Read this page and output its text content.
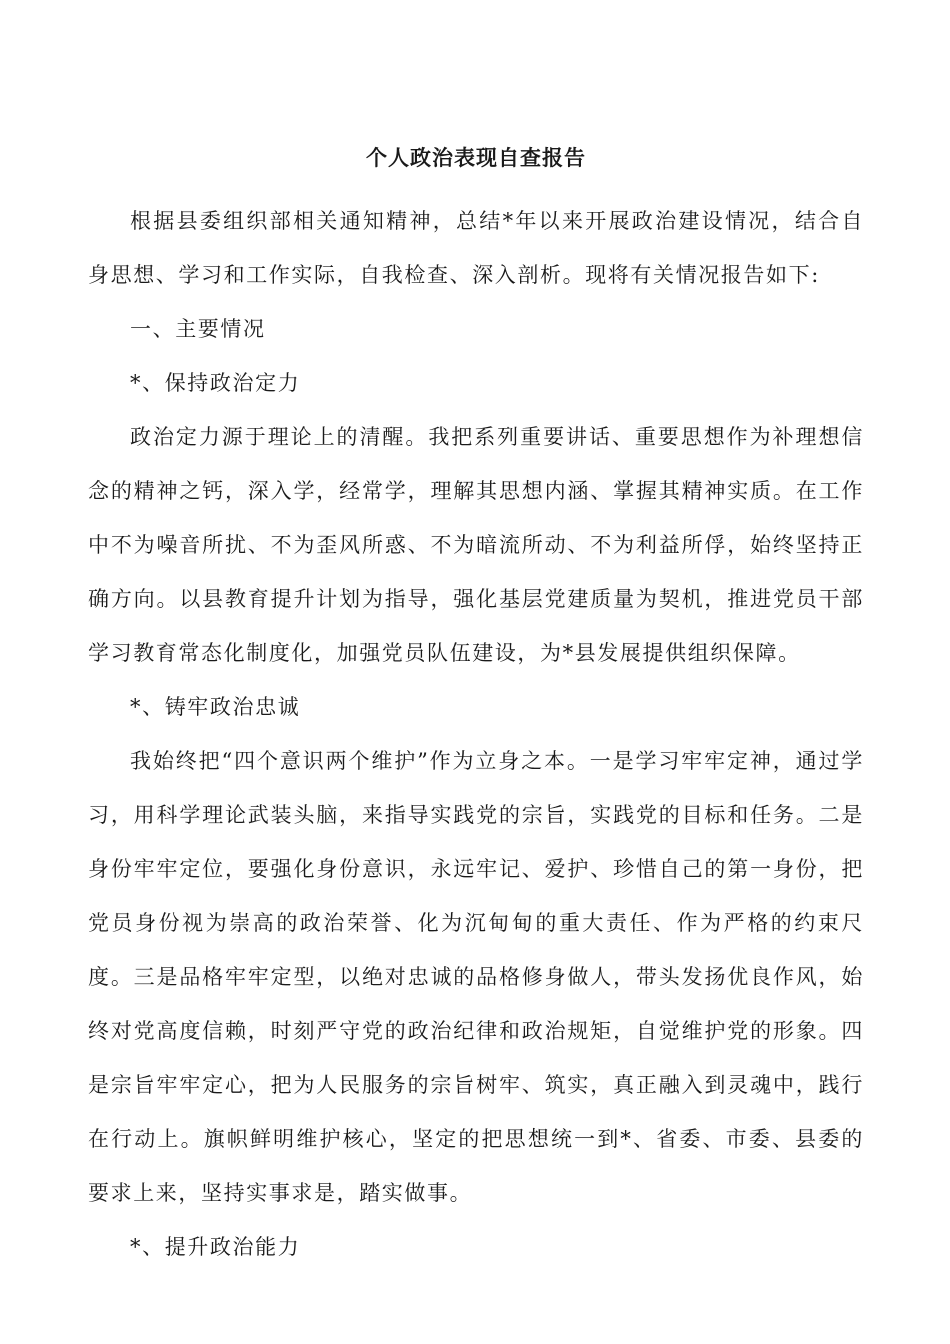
个人政治表现自查报告

根据县委组织部相关通知精神，总结*年以来开展政治建设情况，结合自身思想、学习和工作实际，自我检查、深入剖析。现将有关情况报告如下:

一、主要情况

*、保持政治定力

政治定力源于理论上的清醒。我把系列重要讲话、重要思想作为补理想信念的精神之钙，深入学，经常学，理解其思想内涵、掌握其精神实质。在工作中不为噪音所扰、不为歪风所惑、不为暗流所动、不为利益所俘，始终坚持正确方向。以县教育提升计划为指导，强化基层党建质量为契机，推进党员干部学习教育常态化制度化，加强党员队伍建设，为*县发展提供组织保障。

*、铸牢政治忠诚

我始终把“四个意识两个维护”作为立身之本。一是学习牢牢定神，通过学习，用科学理论武装头脑，来指导实践党的宗旨，实践党的目标和任务。二是身份牢牢定位，要强化身份意识，永远牢记、爱护、珍惜自己的第一身份，把党员身份视为崇高的政治荣誉、化为沉甸甸的重大责任、作为严格的约束尺度。三是品格牢牢定型，以绝对忠诚的品格修身做人，带头发扬优良作风，始终对党高度信赖，时刻严守党的政治纪律和政治规矩，自觉维护党的形象。四是宗旨牢牢定心，把为人民服务的宗旨树牢、筑实，真正融入到灵魂中，践行在行动上。旗帜鲜明维护核心，坚定的把思想统一到*、省委、市委、县委的要求上来，坚持实事求是，踏实做事。

*、提升政治能力
